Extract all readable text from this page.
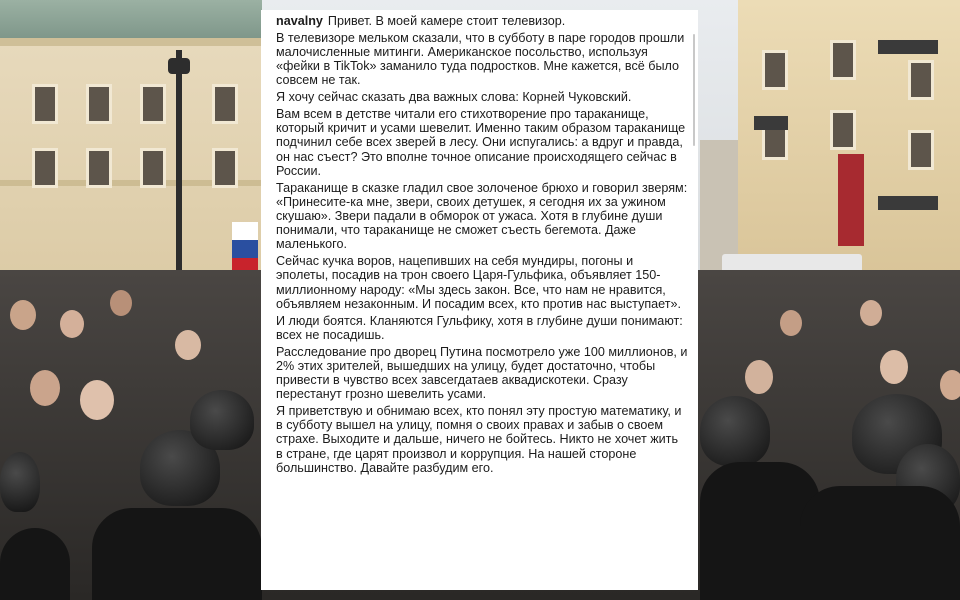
navalny Привет. В моей камере стоит телевизор.

В телевизоре мельком сказали, что в субботу в паре городов прошли малочисленные митинги. Американское посольство, используя «фейки в TikTok» заманило туда подростков. Мне кажется, всё было совсем не так.

Я хочу сейчас сказать два важных слова: Корней Чуковский.

Вам всем в детстве читали его стихотворение про тараканище, который кричит и усами шевелит. Именно таким образом тараканище подчинил себе всех зверей в лесу. Они испугались: а вдруг и правда, он нас съест? Это вполне точное описание происходящего сейчас в России.

Тараканище в сказке гладил свое золоченое брюхо и говорил зверям: «Принесите-ка мне, звери, своих детушек, я сегодня их за ужином скушаю». Звери падали в обморок от ужаса. Хотя в глубине души понимали, что тараканище не сможет съесть бегемота. Даже маленького.

Сейчас кучка воров, нацепивших на себя мундиры, погоны и эполеты, посадив на трон своего Царя-Гульфика, объявляет 150-миллионному народу: «Мы здесь закон. Все, что нам не нравится, объявляем незаконным. И посадим всех, кто против нас выступает».

И люди боятся. Кланяются Гульфику, хотя в глубине души понимают: всех не посадишь.

Расследование про дворец Путина посмотрело уже 100 миллионов, и 2% этих зрителей, вышедших на улицу, будет достаточно, чтобы привести в чувство всех завсегдатаев аквадискотеки. Сразу перестанут грозно шевелить усами.

Я приветствую и обнимаю всех, кто понял эту простую математику, и в субботу вышел на улицу, помня о своих правах и забыв о своем страхе. Выходите и дальше, ничего не бойтесь. Никто не хочет жить в стране, где царят произвол и коррупция. На нашей стороне большинство. Давайте разбудим его.
